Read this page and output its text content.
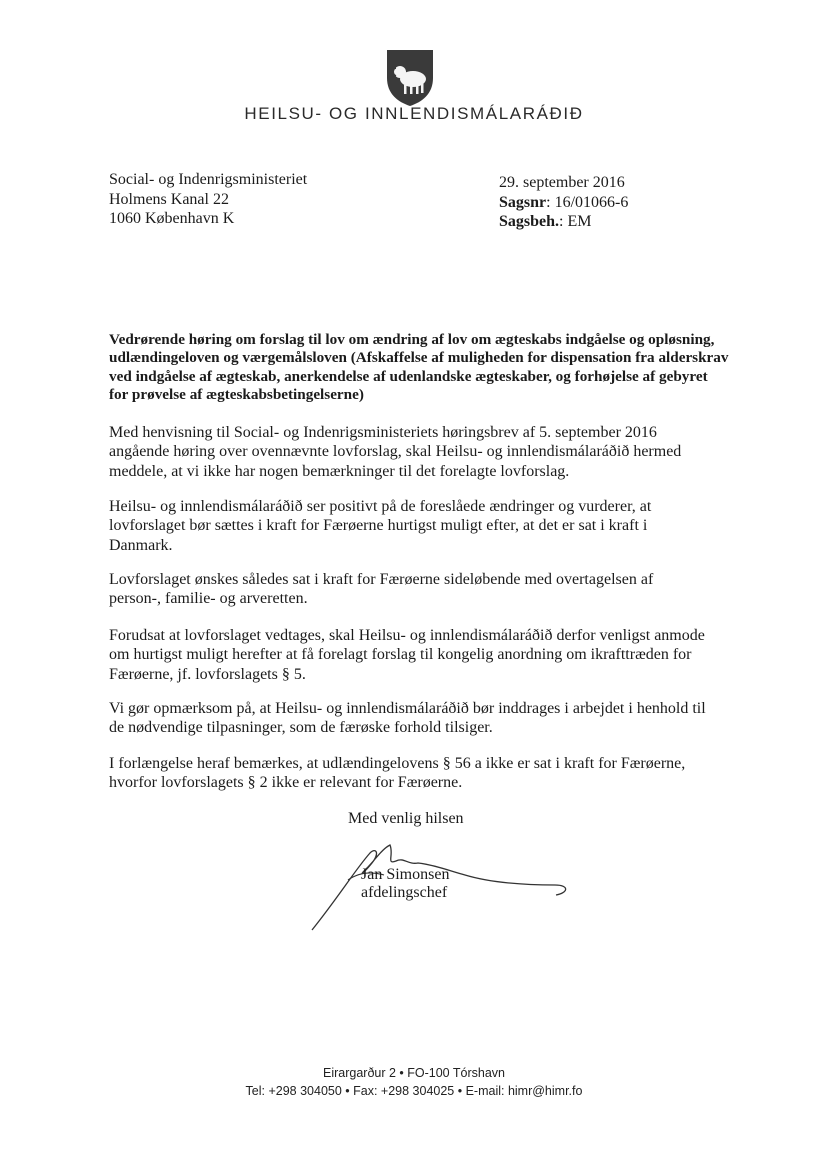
HEILSU- OG INNLENDISMÁLARÁÐIÐ
Social- og Indenrigsministeriet
Holmens Kanal 22
1060 København K
29. september 2016
Sagsnr: 16/01066-6
Sagsbeh.: EM
Vedrørende høring om forslag til lov om ændring af lov om ægteskabs indgåelse og opløsning, udlændingeloven og værgemålsloven (Afskaffelse af muligheden for dispensation fra alderskrav ved indgåelse af ægteskab, anerkendelse af udenlandske ægteskaber, og forhøjelse af gebyret for prøvelse af ægteskabsbetingelserne)
Med henvisning til Social- og Indenrigsministeriets høringsbrev af 5. september 2016 angående høring over ovennævnte lovforslag, skal Heilsu- og innlendismálaráðið hermed meddele, at vi ikke har nogen bemærkninger til det forelagte lovforslag.
Heilsu- og innlendismálaráðið ser positivt på de foreslåede ændringer og vurderer, at lovforslaget bør sættes i kraft for Færøerne hurtigst muligt efter, at det er sat i kraft i Danmark.
Lovforslaget ønskes således sat i kraft for Færøerne sideløbende med overtagelsen af person-, familie- og arveretten.
Forudsat at lovforslaget vedtages, skal Heilsu- og innlendismálaráðið derfor venligst anmode om hurtigst muligt herefter at få forelagt forslag til kongelig anordning om ikrafttræden for Færøerne, jf. lovforslagets § 5.
Vi gør opmærksom på, at Heilsu- og innlendismálaráðið bør inddrages i arbejdet i henhold til de nødvendige tilpasninger, som de færøske forhold tilsiger.
I forlængelse heraf bemærkes, at udlændingelovens § 56 a ikke er sat i kraft for Færøerne, hvorfor lovforslagets § 2 ikke er relevant for Færøerne.
Med venlig hilsen
Jan Simonsen
afdelingschef
Eirargarður 2 • FO-100 Tórshavn
Tel: +298 304050 • Fax: +298 304025 • E-mail: himr@himr.fo
